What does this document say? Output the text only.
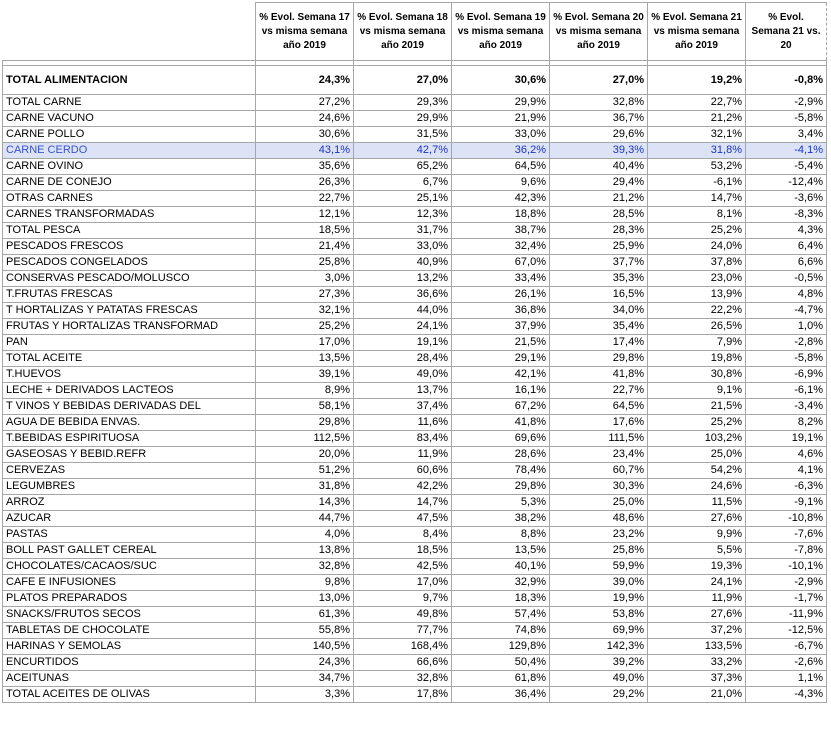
	% Evol. Semana 17 vs misma semana año 2019	% Evol. Semana 18 vs misma semana año 2019	% Evol. Semana 19 vs misma semana año 2019	% Evol. Semana 20 vs misma semana año 2019	% Evol. Semana 21 vs misma semana año 2019	% Evol. Semana 21 vs. 20

TOTAL ALIMENTACION	24,3%	27,0%	30,6%	27,0%	19,2%	-0,8%
TOTAL CARNE	27,2%	29,3%	29,9%	32,8%	22,7%	-2,9%
CARNE VACUNO	24,6%	29,9%	21,9%	36,7%	21,2%	-5,8%
CARNE POLLO	30,6%	31,5%	33,0%	29,6%	32,1%	3,4%
CARNE CERDO	43,1%	42,7%	36,2%	39,3%	31,8%	-4,1%
CARNE OVINO	35,6%	65,2%	64,5%	40,4%	53,2%	-5,4%
CARNE DE CONEJO	26,3%	6,7%	9,6%	29,4%	-6,1%	-12,4%
OTRAS CARNES	22,7%	25,1%	42,3%	21,2%	14,7%	-3,6%
CARNES TRANSFORMADAS	12,1%	12,3%	18,8%	28,5%	8,1%	-8,3%
TOTAL PESCA	18,5%	31,7%	38,7%	28,3%	25,2%	4,3%
PESCADOS FRESCOS	21,4%	33,0%	32,4%	25,9%	24,0%	6,4%
PESCADOS CONGELADOS	25,8%	40,9%	67,0%	37,7%	37,8%	6,6%
CONSERVAS PESCADO/MOLUSCO	3,0%	13,2%	33,4%	35,3%	23,0%	-0,5%
T.FRUTAS FRESCAS	27,3%	36,6%	26,1%	16,5%	13,9%	4,8%
T HORTALIZAS Y PATATAS FRESCAS	32,1%	44,0%	36,8%	34,0%	22,2%	-4,7%
FRUTAS Y HORTALIZAS TRANSFORMAD	25,2%	24,1%	37,9%	35,4%	26,5%	1,0%
PAN	17,0%	19,1%	21,5%	17,4%	7,9%	-2,8%
TOTAL ACEITE	13,5%	28,4%	29,1%	29,8%	19,8%	-5,8%
T.HUEVOS	39,1%	49,0%	42,1%	41,8%	30,8%	-6,9%
LECHE + DERIVADOS LACTEOS	8,9%	13,7%	16,1%	22,7%	9,1%	-6,1%
T VINOS Y BEBIDAS DERIVADAS DEL	58,1%	37,4%	67,2%	64,5%	21,5%	-3,4%
AGUA DE BEBIDA ENVAS.	29,8%	11,6%	41,8%	17,6%	25,2%	8,2%
T.BEBIDAS ESPIRITUOSA	112,5%	83,4%	69,6%	111,5%	103,2%	19,1%
GASEOSAS Y BEBID.REFR	20,0%	11,9%	28,6%	23,4%	25,0%	4,6%
CERVEZAS	51,2%	60,6%	78,4%	60,7%	54,2%	4,1%
LEGUMBRES	31,8%	42,2%	29,8%	30,3%	24,6%	-6,3%
ARROZ	14,3%	14,7%	5,3%	25,0%	11,5%	-9,1%
AZUCAR	44,7%	47,5%	38,2%	48,6%	27,6%	-10,8%
PASTAS	4,0%	8,4%	8,8%	23,2%	9,9%	-7,6%
BOLL PAST GALLET CEREAL	13,8%	18,5%	13,5%	25,8%	5,5%	-7,8%
CHOCOLATES/CACAOS/SUC	32,8%	42,5%	40,1%	59,9%	19,3%	-10,1%
CAFE E INFUSIONES	9,8%	17,0%	32,9%	39,0%	24,1%	-2,9%
PLATOS PREPARADOS	13,0%	9,7%	18,3%	19,9%	11,9%	-1,7%
SNACKS/FRUTOS SECOS	61,3%	49,8%	57,4%	53,8%	27,6%	-11,9%
TABLETAS DE CHOCOLATE	55,8%	77,7%	74,8%	69,9%	37,2%	-12,5%
HARINAS Y SEMOLAS	140,5%	168,4%	129,8%	142,3%	133,5%	-6,7%
ENCURTIDOS	24,3%	66,6%	50,4%	39,2%	33,2%	-2,6%
ACEITUNAS	34,7%	32,8%	61,8%	49,0%	37,3%	1,1%
TOTAL ACEITES DE OLIVAS	3,3%	17,8%	36,4%	29,2%	21,0%	-4,3%
